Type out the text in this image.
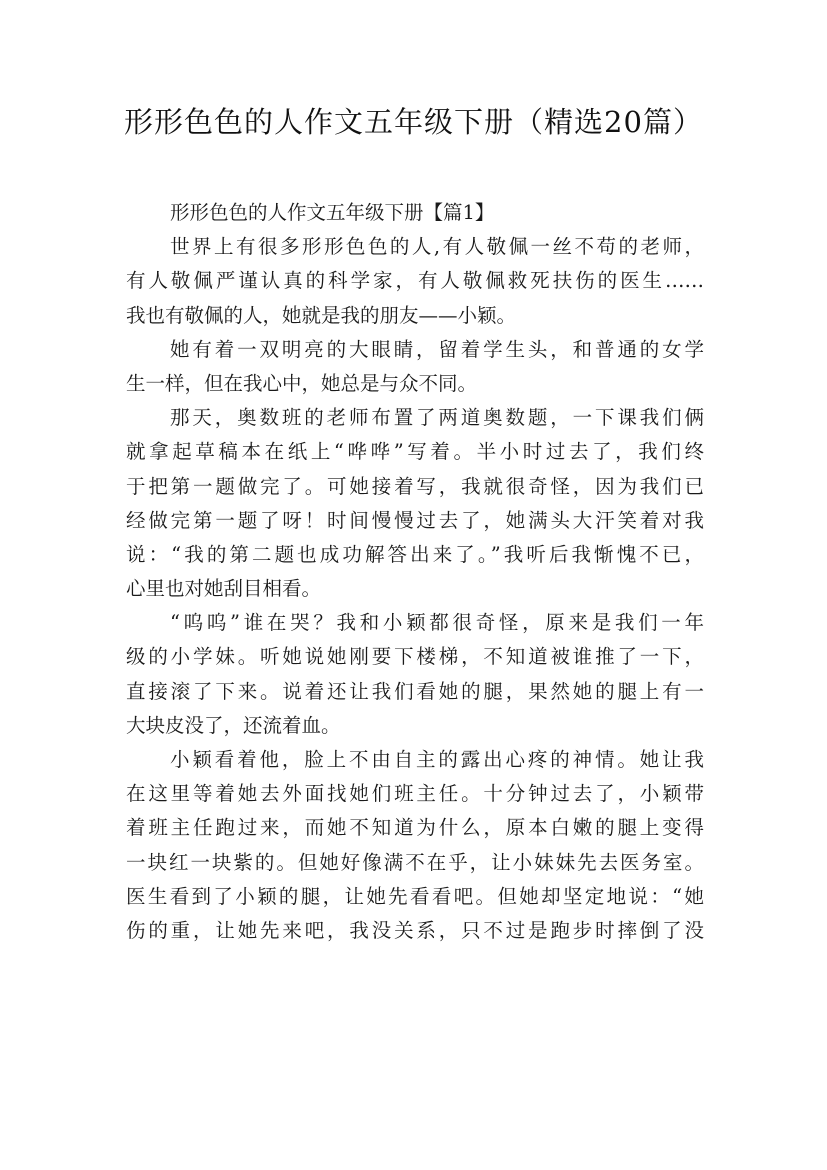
形形色色的人作文五年级下册（精选20篇）
形形色色的人作文五年级下册【篇1】
世界上有很多形形色色的人,有人敬佩一丝不苟的老师，
有人敬佩严谨认真的科学家，有人敬佩救死扶伤的医生……
我也有敬佩的人，她就是我的朋友——小颖。
她有着一双明亮的大眼睛，留着学生头，和普通的女学
生一样，但在我心中，她总是与众不同。
那天，奥数班的老师布置了两道奥数题，一下课我们俩
就拿起草稿本在纸上“哗哗”写着。半小时过去了，我们终
于把第一题做完了。可她接着写，我就很奇怪，因为我们已
经做完第一题了呀！时间慢慢过去了，她满头大汗笑着对我
说：“我的第二题也成功解答出来了。”我听后我惭愧不已，
心里也对她刮目相看。
“呜呜”谁在哭？我和小颖都很奇怪，原来是我们一年
级的小学妹。听她说她刚要下楼梯，不知道被谁推了一下，
直接滚了下来。说着还让我们看她的腿，果然她的腿上有一
大块皮没了，还流着血。
小颖看着他，脸上不由自主的露出心疼的神情。她让我
在这里等着她去外面找她们班主任。十分钟过去了，小颖带
着班主任跑过来，而她不知道为什么，原本白嫩的腿上变得
一块红一块紫的。但她好像满不在乎，让小妹妹先去医务室。
医生看到了小颖的腿，让她先看看吧。但她却坚定地说：“她
伤的重，让她先来吧，我没关系，只不过是跑步时摔倒了没
